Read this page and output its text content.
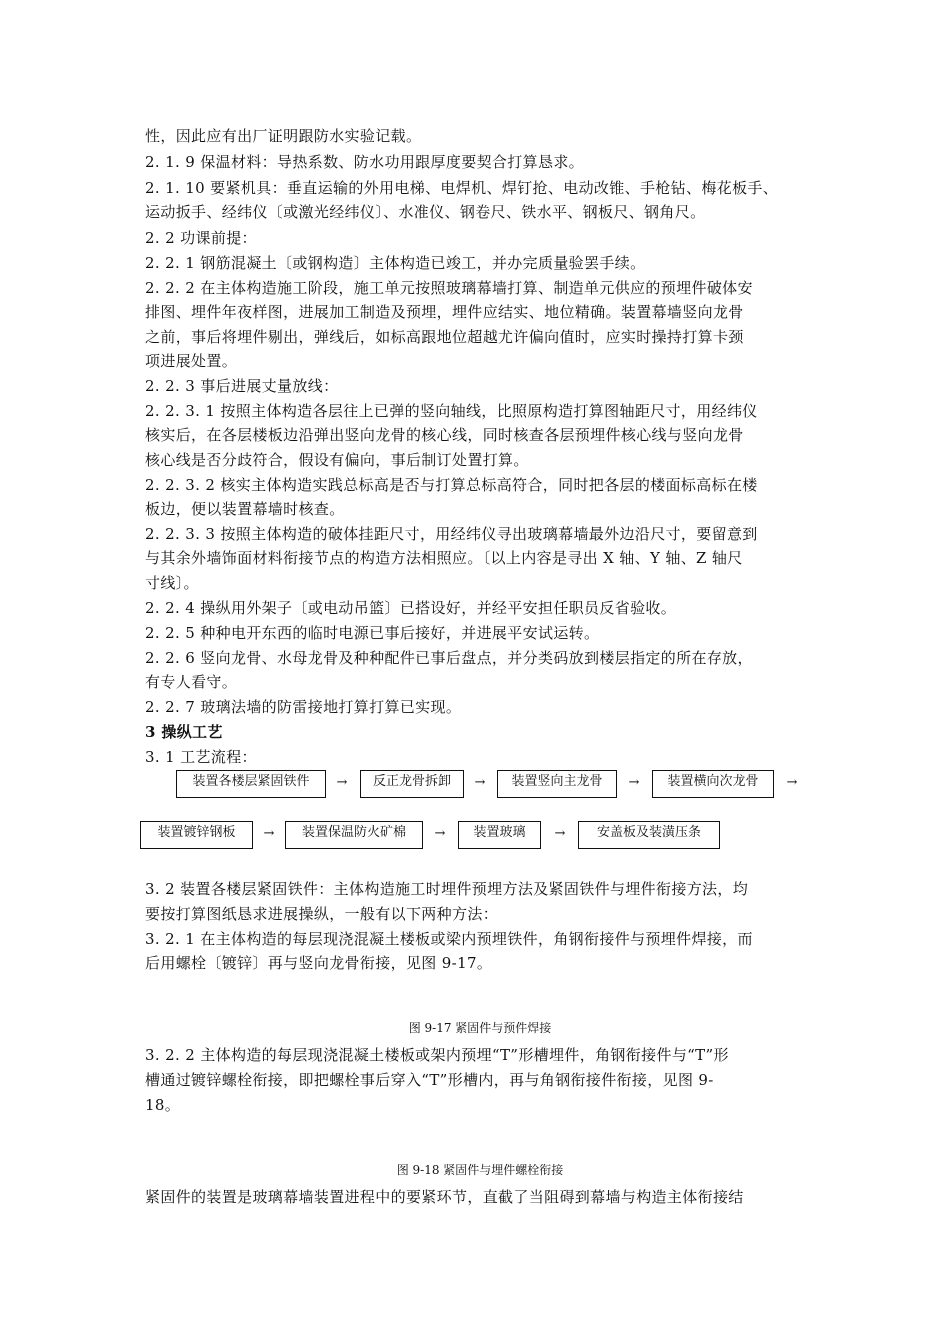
性，因此应有出厂证明跟防水实验记载。
2. 1. 9 保温材料：导热系数、防水功用跟厚度要契合打算恳求。
2. 1. 10 要紧机具：垂直运输的外用电梯、电焊机、焊钉抢、电动改锥、手枪钻、梅花板手、
运动扳手、经纬仪〔或激光经纬仪〕、水准仪、钢卷尺、铁水平、钢板尺、钢角尺。
2. 2 功课前提：
2. 2. 1 钢筋混凝土〔或钢构造〕主体构造已竣工，并办完质量验罢手续。
2. 2. 2 在主体构造施工阶段，施工单元按照玻璃幕墙打算、制造单元供应的预埋件破体安
排图、埋件年夜样图，进展加工制造及预埋，埋件应结实、地位精确。装置幕墙竖向龙骨
之前，事后将埋件剔出，弹线后，如标高跟地位超越尤许偏向值时，应实时操持打算卡颈
项进展处置。
2. 2. 3 事后进展丈量放线：
2. 2. 3. 1 按照主体构造各层往上已弹的竖向轴线，比照原构造打算图轴距尺寸，用经纬仪
核实后，在各层楼板边沿弹出竖向龙骨的核心线，同时核查各层预埋件核心线与竖向龙骨
核心线是否分歧符合，假设有偏向，事后制订处置打算。
2. 2. 3. 2 核实主体构造实践总标高是否与打算总标高符合，同时把各层的楼面标高标在楼
板边，便以装置幕墙时核查。
2. 2. 3. 3 按照主体构造的破体挂距尺寸，用经纬仪寻出玻璃幕墙最外边沿尺寸，要留意到
与其余外墙饰面材料衔接节点的构造方法相照应。〔以上内容是寻出 X 轴、Y 轴、Z 轴尺
寸线〕。
2. 2. 4 操纵用外架子〔或电动吊篮〕已搭设好，并经平安担任职员反省验收。
2. 2. 5 种种电开东西的临时电源已事后接好，并进展平安试运转。
2. 2. 6 竖向龙骨、水母龙骨及种种配件已事后盘点，并分类码放到楼层指定的所在存放，
有专人看守。
2. 2. 7 玻璃法墙的防雷接地打算打算已实现。
3 操纵工艺
3. 1 工艺流程：
装置各楼层紧固铁件	→	反正龙骨拆卸	→	装置竖向主龙骨	→	装置横向次龙骨	→
装置镀锌钢板	→	装置保温防火矿棉	→	装置玻璃	→	安盖板及装潢压条
3. 2 装置各楼层紧固铁件：主体构造施工时埋件预埋方法及紧固铁件与埋件衔接方法，均
要按打算图纸恳求进展操纵，一般有以下两种方法：
3. 2. 1 在主体构造的每层现浇混凝土楼板或梁内预埋铁件，角钢衔接件与预埋件焊接，而
后用螺栓〔镀锌〕再与竖向龙骨衔接，见图 9-17。
图 9-17 紧固件与预件焊接
3. 2. 2 主体构造的每层现浇混凝土楼板或架内预埋“T”形槽埋件，角钢衔接件与“T”形
槽通过镀锌螺栓衔接，即把螺栓事后穿入“T”形槽内，再与角钢衔接件衔接，见图 9-
18。
图 9-18 紧固件与埋件螺栓衔接
紧固件的装置是玻璃幕墙装置进程中的要紧环节，直截了当阻碍到幕墙与构造主体衔接结
